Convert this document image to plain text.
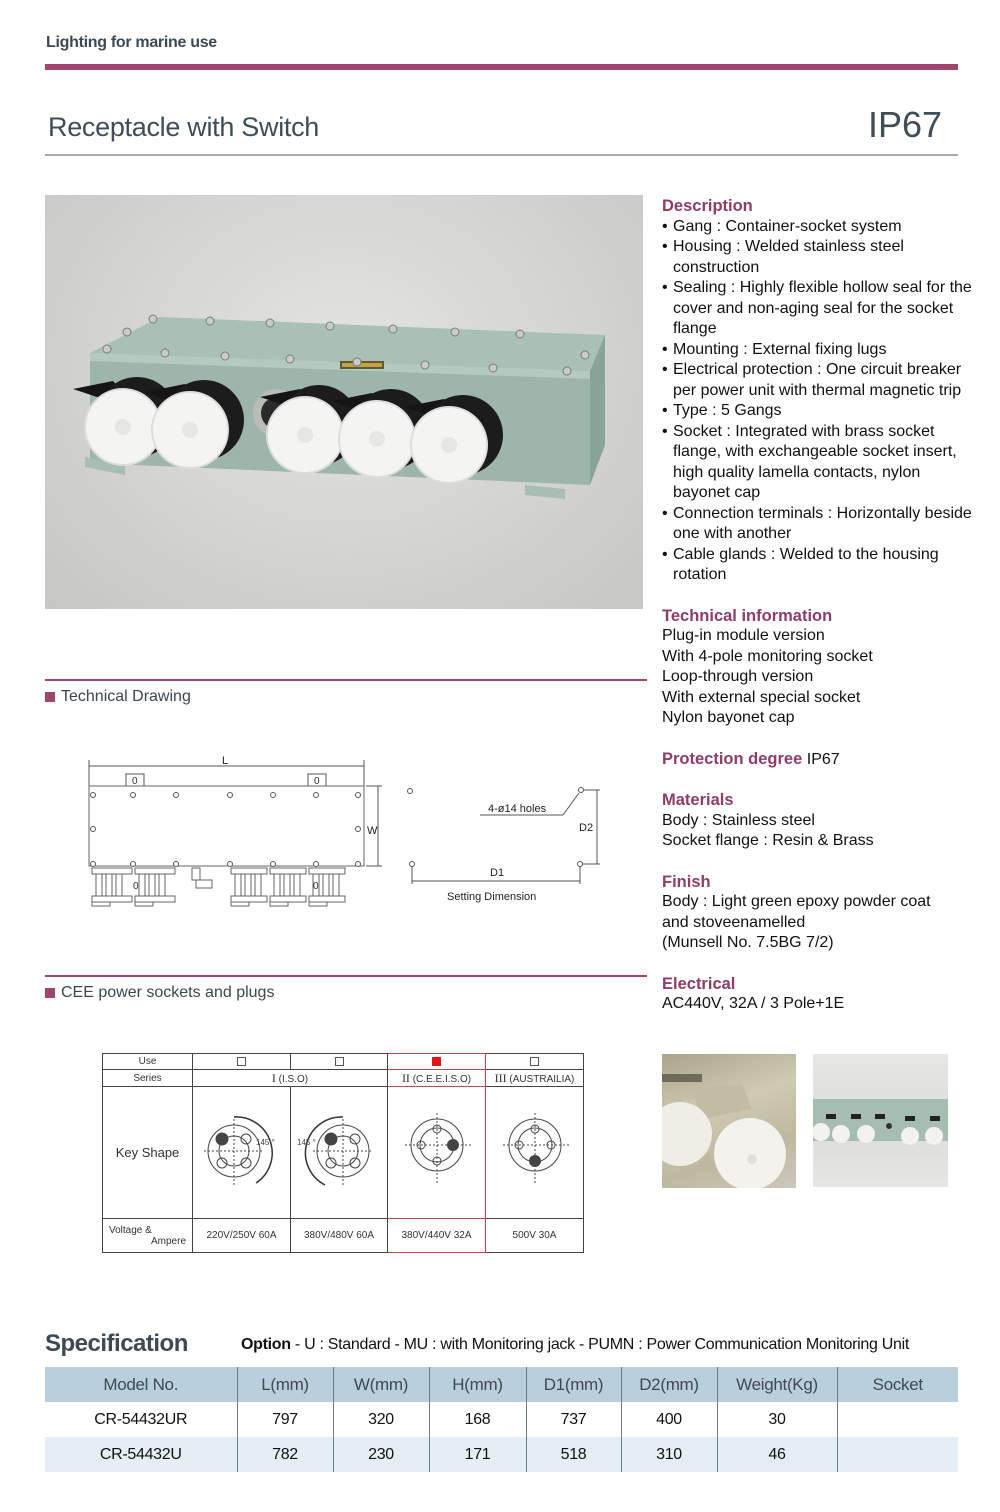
Lighting for marine use
Receptacle with Switch	IP67
Description
• Gang : Container-socket system
• Housing : Welded stainless steel construction
• Sealing : Highly flexible hollow seal for the cover and non-aging seal for the socket flange
• Mounting : External fixing lugs
• Electrical protection : One circuit breaker per power unit with thermal magnetic trip
• Type : 5 Gangs
• Socket : Integrated with brass socket flange, with exchangeable socket insert, high quality lamella contacts, nylon bayonet cap
• Connection terminals : Horizontally beside one with another
• Cable glands : Welded to the housing rotation
Technical information
Plug-in module version
With 4-pole monitoring socket
Loop-through version
With external special socket
Nylon bayonet cap
Protection degree IP67
Materials
Body : Stainless steel
Socket flange : Resin & Brass
Finish
Body : Light green epoxy powder coat
and stoveenamelled
(Munsell No. 7.5BG 7/2)
Electrical
AC440V, 32A / 3 Pole+1E
Technical Drawing
L
0	0
W
0	0
D2
D1
4-ø14 holes
Setting Dimension
CEE power sockets and plugs
Use				
Series	I (I.S.O)		II (C.E.E.I.S.O)	III (AUSTRAILIA)
Key Shape	145 °	145 °

Voltage &
Ampere	220V/250V 60A	380V/480V 60A	380V/440V 32A	500V 30A
Specification	Option - U : Standard - MU : with Monitoring jack - PUMN : Power Communication Monitoring Unit
Model No.	L(mm)	W(mm)	H(mm)	D1(mm)	D2(mm)	Weight(Kg)	Socket
CR-54432UR	797	320	168	737	400	30	
CR-54432U	782	230	171	518	310	46	
